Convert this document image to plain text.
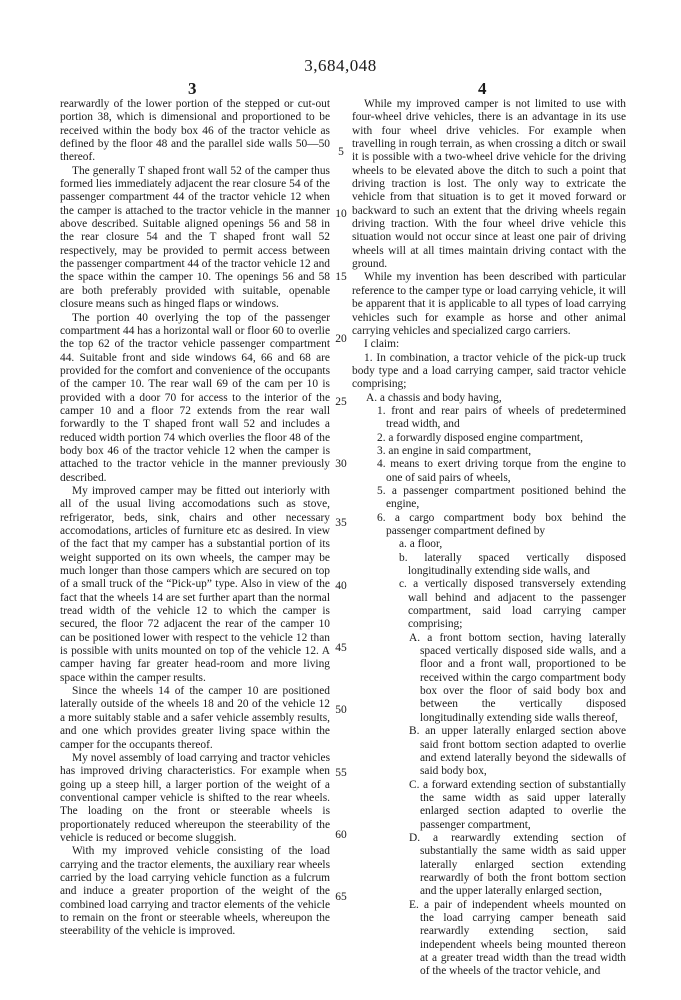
3,684,048
3	4

rearwardly of the lower portion of the stepped or cut-out portion 38, which is dimensional and proportioned to be received within the body box 46 of the tractor vehicle as defined by the floor 48 and the parallel side walls 50—50 thereof.

The generally T shaped front wall 52 of the camper thus formed lies immediately adjacent the rear closure 54 of the passenger compartment 44 of the tractor vehicle 12 when the camper is attached to the tractor vehicle in the manner above described. Suitable aligned openings 56 and 58 in the rear closure 54 and the T shaped front wall 52 respectively, may be provided to permit access between the passenger compartment 44 of the tractor vehicle 12 and the space within the camper 10. The openings 56 and 58 are both preferably provided with suitable, openable closure means such as hinged flaps or windows.

The portion 40 overlying the top of the passenger compartment 44 has a horizontal wall or floor 60 to overlie the top 62 of the tractor vehicle passenger compartment 44. Suitable front and side windows 64, 66 and 68 are provided for the comfort and convenience of the occupants of the camper 10. The rear wall 69 of the cam per 10 is provided with a door 70 for access to the interior of the camper 10 and a floor 72 extends from the rear wall forwardly to the T shaped front wall 52 and includes a reduced width portion 74 which overlies the floor 48 of the body box 46 of the tractor vehicle 12 when the camper is attached to the tractor vehicle in the manner previously described.

My improved camper may be fitted out interiorly with all of the usual living accomodations such as stove, refrigerator, beds, sink, chairs and other necessary accomodations, articles of furniture etc as desired. In view of the fact that my camper has a substantial portion of its weight supported on its own wheels, the camper may be much longer than those campers which are secured on top of a small truck of the “Pick-up” type. Also in view of the fact that the wheels 14 are set further apart than the normal tread width of the vehicle 12 to which the camper is secured, the floor 72 adjacent the rear of the camper 10 can be positioned lower with respect to the vehicle 12 than is possible with units mounted on top of the vehicle 12. A camper having far greater head-room and more living space within the camper results.

Since the wheels 14 of the camper 10 are positioned laterally outside of the wheels 18 and 20 of the vehicle 12 a more suitably stable and a safer vehicle assembly results, and one which provides greater living space within the camper for the occupants thereof.

My novel assembly of load carrying and tractor vehicles has improved driving characteristics. For example when going up a steep hill, a larger portion of the weight of a conventional camper vehicle is shifted to the rear wheels. The loading on the front or steerable wheels is proportionately reduced whereupon the steerability of the vehicle is reduced or become sluggish.

With my improved vehicle consisting of the load carrying and the tractor elements, the auxiliary rear wheels carried by the load carrying vehicle function as a fulcrum and induce a greater proportion of the weight of the combined load carrying and tractor elements of the vehicle to remain on the front or steerable wheels, whereupon the steerability of the vehicle is improved.

5
10
15
20
25
30
35
40
45
50
55
60
65

While my improved camper is not limited to use with four-wheel drive vehicles, there is an advantage in its use with four wheel drive vehicles. For example when travelling in rough terrain, as when crossing a ditch or swail it is possible with a two-wheel drive vehicle for the driving wheels to be elevated above the ditch to such a point that driving traction is lost. The only way to extricate the vehicle from that situation is to get it moved forward or backward to such an extent that the driving wheels regain driving traction. With the four wheel drive vehicle this situation would not occur since at least one pair of driving wheels will at all times maintain driving contact with the ground.

While my invention has been described with particular reference to the camper type or load carrying vehicle, it will be apparent that it is applicable to all types of load carrying vehicles such for example as horse and other animal carrying vehicles and specialized cargo carriers.

I claim:

1. In combination, a tractor vehicle of the pick-up truck body type and a load carrying camper, said tractor vehicle comprising;

A. a chassis and body having,

1. front and rear pairs of wheels of predetermined tread width, and

2. a forwardly disposed engine compartment,

3. an engine in said compartment,

4. means to exert driving torque from the engine to one of said pairs of wheels,

5. a passenger compartment positioned behind the engine,

6. a cargo compartment body box behind the passenger compartment defined by

a. a floor,

b. laterally spaced vertically disposed longitudinally extending side walls, and

c. a vertically disposed transversely extending wall behind and adjacent to the passenger compartment, said load carrying camper comprising;

A. a front bottom section, having laterally spaced vertically disposed side walls, and a floor and a front wall, proportioned to be received within the cargo compartment body box over the floor of said body box and between the vertically disposed longitudinally extending side walls thereof,

B. an upper laterally enlarged section above said front bottom section adapted to overlie and extend laterally beyond the sidewalls of said body box,

C. a forward extending section of substantially the same width as said upper laterally enlarged section adapted to overlie the passenger compartment,

D. a rearwardly extending section of substantially the same width as said upper laterally enlarged section extending rearwardly of both the front bottom section and the upper laterally enlarged section,

E. a pair of independent wheels mounted on the load carrying camper beneath said rearwardly extending section, said independent wheels being mounted thereon at a greater tread width than the tread width of the wheels of the tractor vehicle, and
